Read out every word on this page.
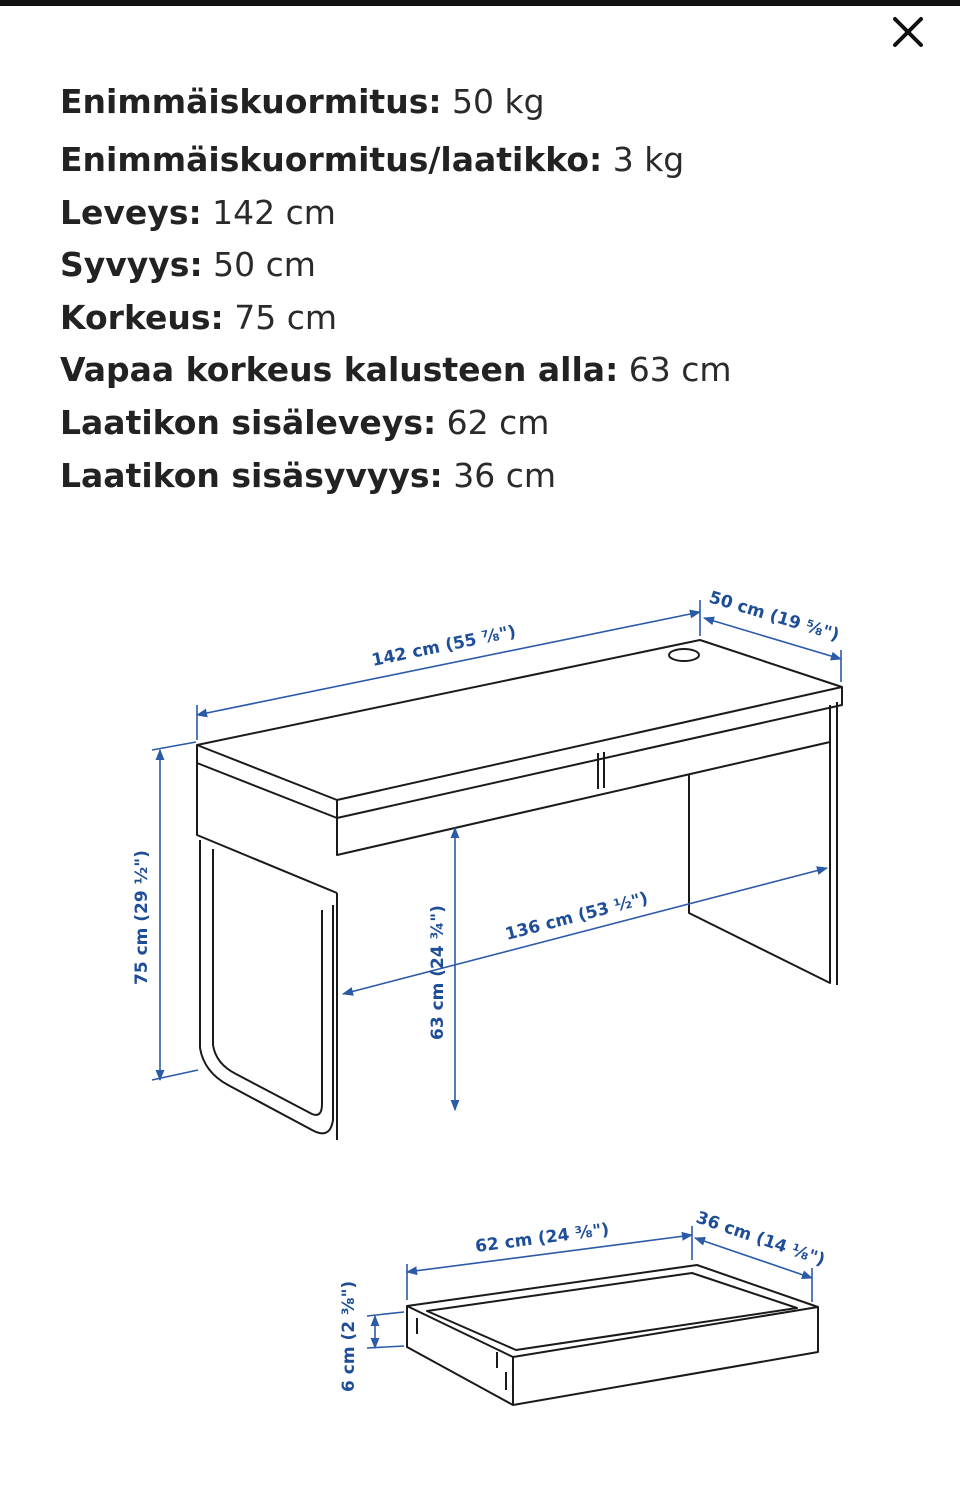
Enimmäiskuormitus: 50 kg
Enimmäiskuormitus/laatikko: 3 kg
Leveys: 142 cm
Syvyys: 50 cm
Korkeus: 75 cm
Vapaa korkeus kalusteen alla: 63 cm
Laatikon sisäleveys: 62 cm
Laatikon sisäsyvyys: 36 cm
142 cm (55 ⅞")
50 cm (19 ⅝")
75 cm (29 ½")	63 cm (24 ¾")	136 cm (53 ½")
62 cm (24 ⅜")	36 cm (14 ⅛")
6 cm (2 ⅜")
